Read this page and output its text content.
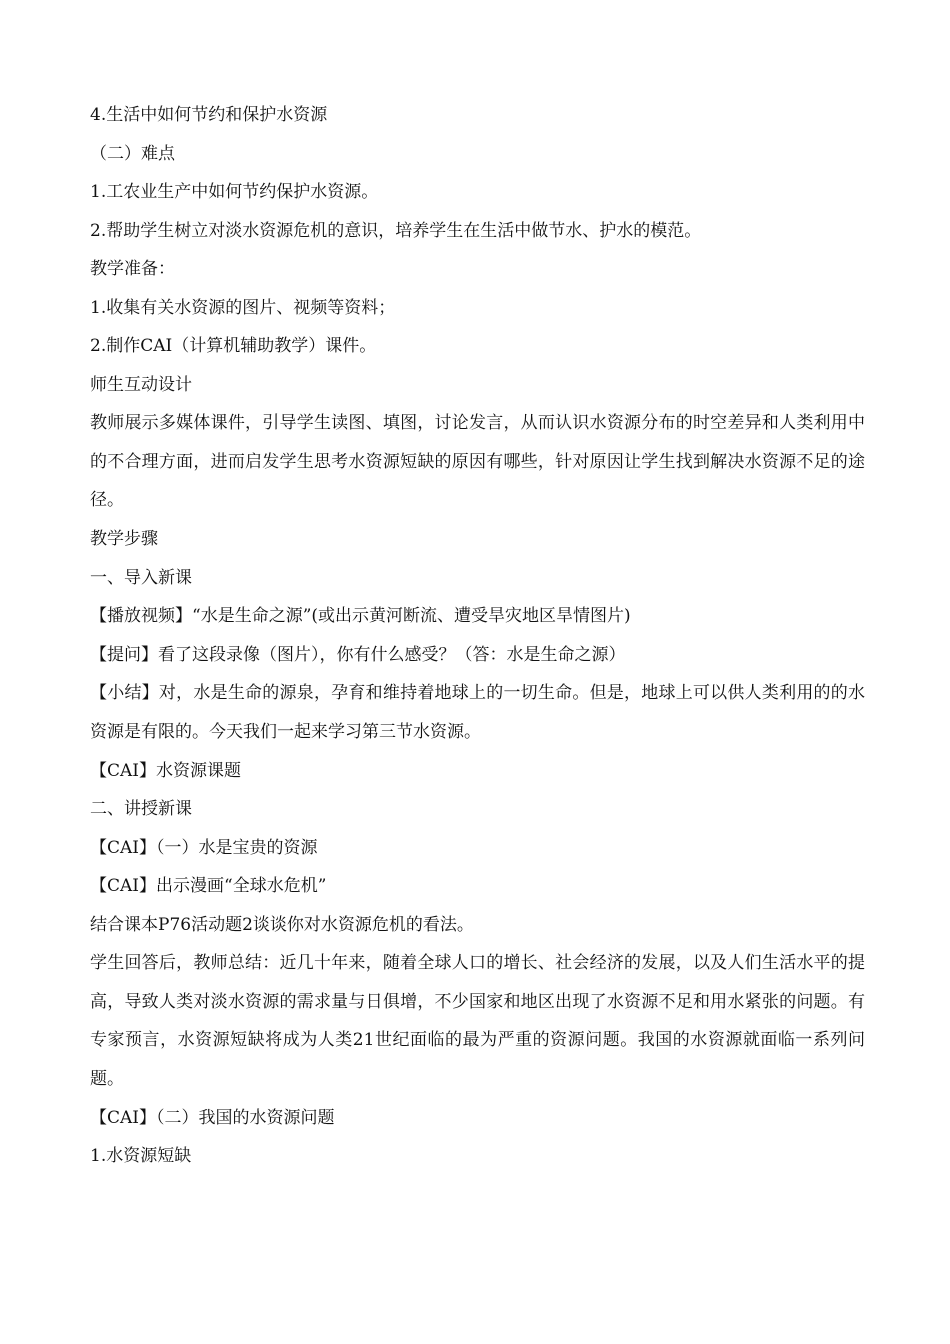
4.生活中如何节约和保护水资源

（二）难点

1.工农业生产中如何节约保护水资源。

2.帮助学生树立对淡水资源危机的意识，培养学生在生活中做节水、护水的模范。

教学准备：

1.收集有关水资源的图片、视频等资料；

2.制作CAI（计算机辅助教学）课件。

师生互动设计

教师展示多媒体课件，引导学生读图、填图，讨论发言，从而认识水资源分布的时空差异和人类利用中的不合理方面，进而启发学生思考水资源短缺的原因有哪些，针对原因让学生找到解决水资源不足的途径。

教学步骤

一、导入新课

【播放视频】“水是生命之源”(或出示黄河断流、遭受旱灾地区旱情图片)

【提问】看了这段录像（图片），你有什么感受？（答：水是生命之源）

【小结】对，水是生命的源泉，孕育和维持着地球上的一切生命。但是，地球上可以供人类利用的的水资源是有限的。今天我们一起来学习第三节水资源。

【CAI】水资源课题

二、讲授新课

【CAI】（一）水是宝贵的资源

【CAI】出示漫画“全球水危机”

结合课本P76活动题2谈谈你对水资源危机的看法。

学生回答后，教师总结：近几十年来，随着全球人口的增长、社会经济的发展，以及人们生活水平的提高，导致人类对淡水资源的需求量与日俱增，不少国家和地区出现了水资源不足和用水紧张的问题。有专家预言，水资源短缺将成为人类21世纪面临的最为严重的资源问题。我国的水资源就面临一系列问题。

【CAI】（二）我国的水资源问题

1.水资源短缺
